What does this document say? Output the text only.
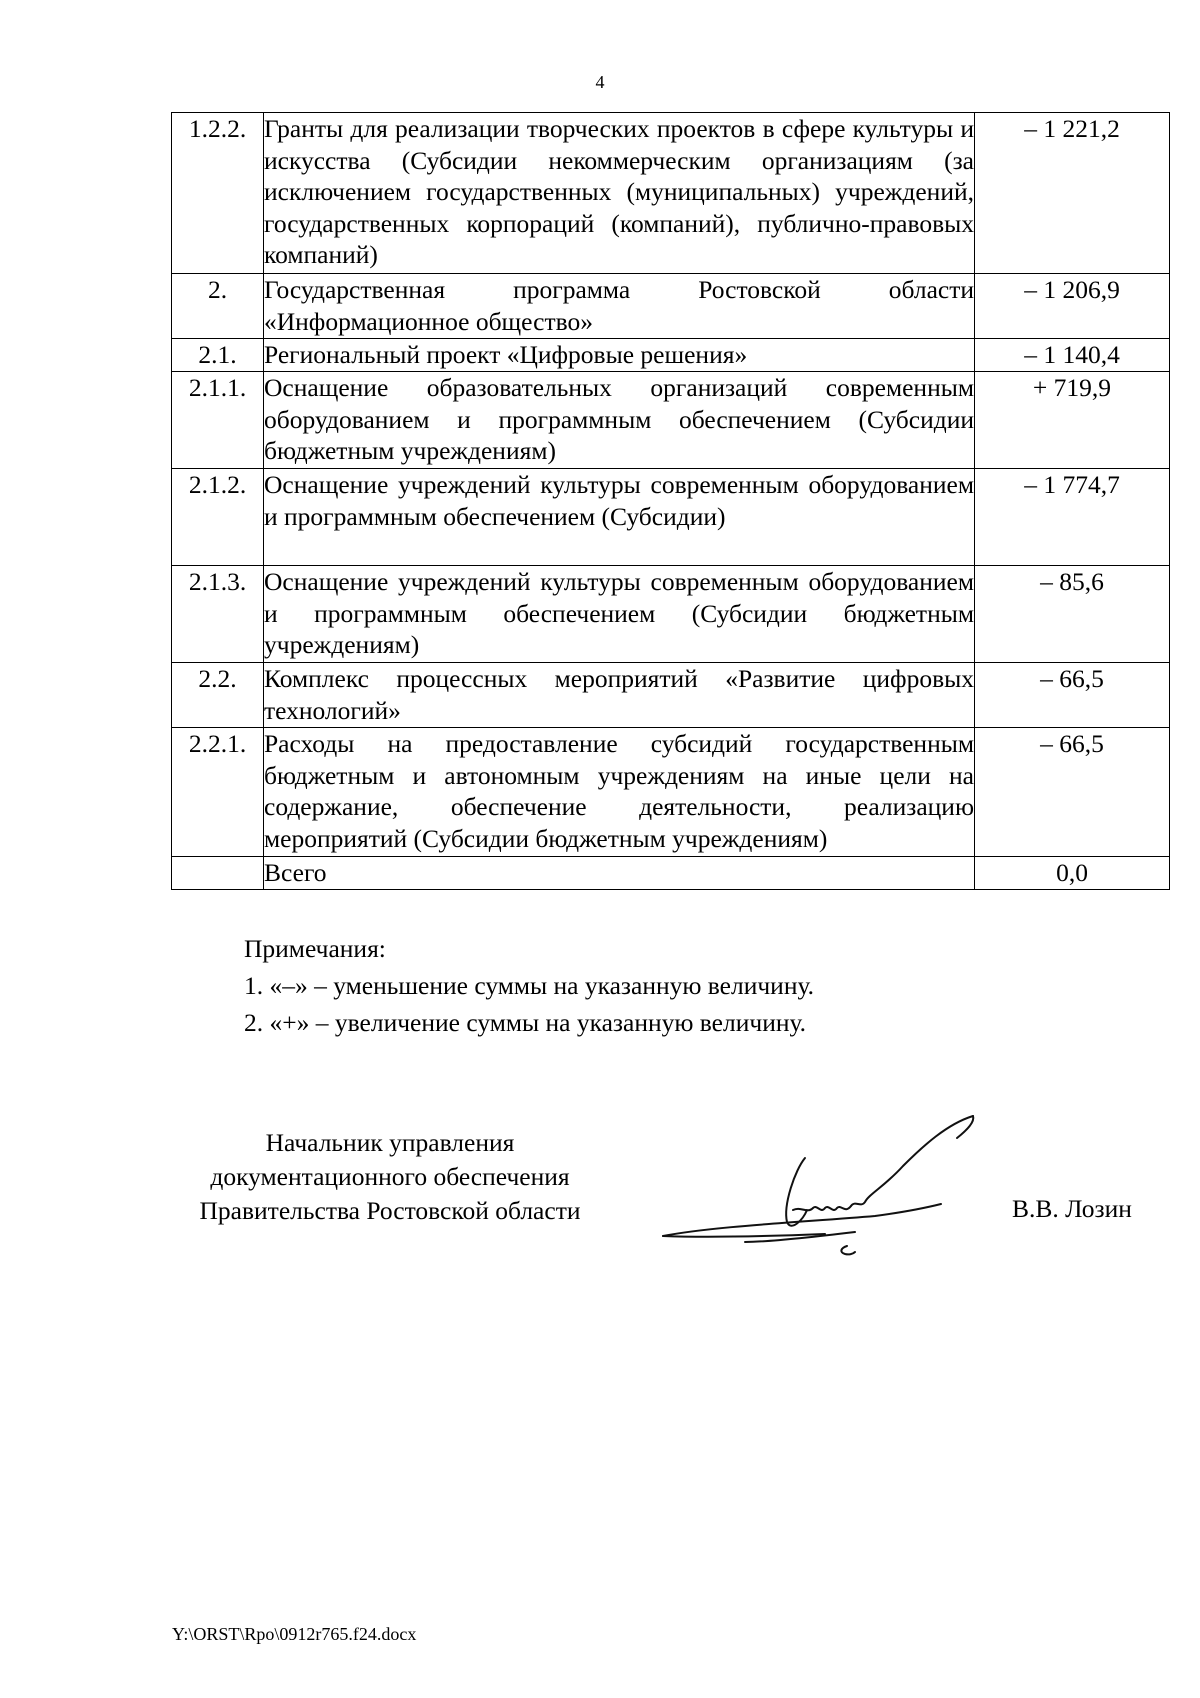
4
1.2.2.	Гранты для реализации творческих проектов в сфере культуры и искусства (Субсидии некоммерческим организациям (за исключением государственных (муниципальных) учреждений, государственных корпораций (компаний), публично-правовых компаний)	– 1 221,2
2.	Государственная программа Ростовской области «Информационное общество»	– 1 206,9
2.1.	Региональный проект «Цифровые решения»	– 1 140,4
2.1.1.	Оснащение образовательных организаций современным оборудованием и программным обеспечением (Субсидии бюджетным учреждениям)	+ 719,9
2.1.2.	Оснащение учреждений культуры современным оборудованием и программным обеспечением (Субсидии)	– 1 774,7
2.1.3.	Оснащение учреждений культуры современным оборудованием и программным обеспечением (Субсидии бюджетным учреждениям)	– 85,6
2.2.	Комплекс процессных мероприятий «Развитие цифровых технологий»	– 66,5
2.2.1.	Расходы на предоставление субсидий государственным бюджетным и автономным учреждениям на иные цели на содержание, обеспечение деятельности, реализацию мероприятий (Субсидии бюджетным учреждениям)	– 66,5
	Всего	0,0
Примечания:
1. «–» – уменьшение суммы на указанную величину.
2. «+» – увеличение суммы на указанную величину.
Начальник управления
документационного обеспечения
Правительства Ростовской области	В.В. Лозин
Y:\ORST\Rpo\0912r765.f24.docx
